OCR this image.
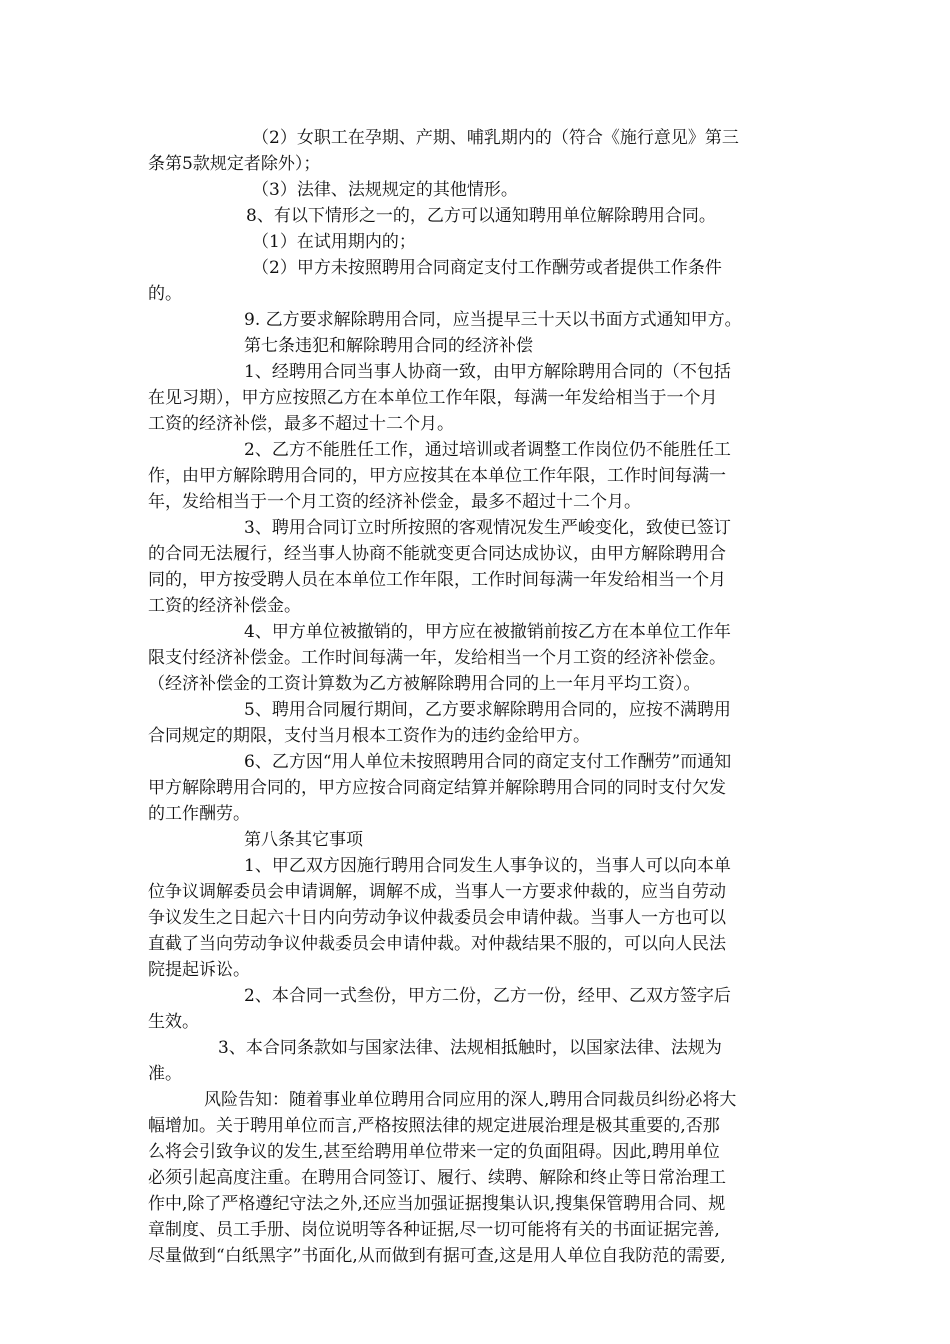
（2）女职工在孕期、产期、哺乳期内的（符合《施行意见》第三
条第5款规定者除外）；
（3）法律、法规规定的其他情形。
8、有以下情形之一的，乙方可以通知聘用单位解除聘用合同。
（1）在试用期内的；
（2）甲方未按照聘用合同商定支付工作酬劳或者提供工作条件
的。
9. 乙方要求解除聘用合同，应当提早三十天以书面方式通知甲方。
第七条违犯和解除聘用合同的经济补偿
1、经聘用合同当事人协商一致，由甲方解除聘用合同的（不包括
在见习期），甲方应按照乙方在本单位工作年限，每满一年发给相当于一个月
工资的经济补偿，最多不超过十二个月。
2、乙方不能胜任工作，通过培训或者调整工作岗位仍不能胜任工
作，由甲方解除聘用合同的，甲方应按其在本单位工作年限，工作时间每满一
年，发给相当于一个月工资的经济补偿金，最多不超过十二个月。
3、聘用合同订立时所按照的客观情况发生严峻变化，致使已签订
的合同无法履行，经当事人协商不能就变更合同达成协议，由甲方解除聘用合
同的，甲方按受聘人员在本单位工作年限，工作时间每满一年发给相当一个月
工资的经济补偿金。
4、甲方单位被撤销的，甲方应在被撤销前按乙方在本单位工作年
限支付经济补偿金。工作时间每满一年，发给相当一个月工资的经济补偿金。
（经济补偿金的工资计算数为乙方被解除聘用合同的上一年月平均工资）。
5、聘用合同履行期间，乙方要求解除聘用合同的，应按不满聘用
合同规定的期限，支付当月根本工资作为的违约金给甲方。
6、乙方因“用人单位未按照聘用合同的商定支付工作酬劳”而通知
甲方解除聘用合同的，甲方应按合同商定结算并解除聘用合同的同时支付欠发
的工作酬劳。
第八条其它事项
1、甲乙双方因施行聘用合同发生人事争议的，当事人可以向本单
位争议调解委员会申请调解，调解不成，当事人一方要求仲裁的，应当自劳动
争议发生之日起六十日内向劳动争议仲裁委员会申请仲裁。当事人一方也可以
直截了当向劳动争议仲裁委员会申请仲裁。对仲裁结果不服的，可以向人民法
院提起诉讼。
2、本合同一式叁份，甲方二份，乙方一份，经甲、乙双方签字后
生效。
3、本合同条款如与国家法律、法规相抵触时，以国家法律、法规为
准。
风险告知：随着事业单位聘用合同应用的深人,聘用合同裁员纠纷必将大
幅增加。关于聘用单位而言,严格按照法律的规定进展治理是极其重要的,否那
么将会引致争议的发生,甚至给聘用单位带来一定的负面阻碍。因此,聘用单位
必须引起高度注重。在聘用合同签订、履行、续聘、解除和终止等日常治理工
作中,除了严格遵纪守法之外,还应当加强证据搜集认识,搜集保管聘用合同、规
章制度、员工手册、岗位说明等各种证据,尽一切可能将有关的书面证据完善,
尽量做到“白纸黑字”书面化,从而做到有据可查,这是用人单位自我防范的需要,
